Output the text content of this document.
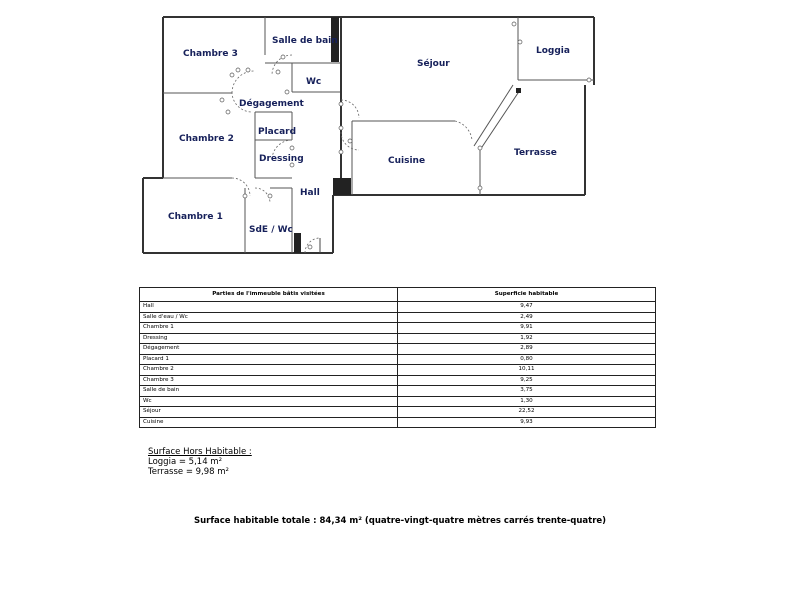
Chambre 3
Salle de bain
Wc
Séjour
Loggia
Dégagement
Placard
Chambre 2
Dressing	Cuisine
Terrasse
Hall
Chambre 1
SdE / Wc
Parties de l'immeuble bâtis visitées	Superficie habitable
Hall	9,47
Salle d'eau / Wc	2,49
Chambre 1	9,91
Dressing	1,92
Dégagement	2,89
Placard 1	0,80
Chambre 2	10,11
Chambre 3	9,25
Salle de bain	3,75
Wc	1,30
Séjour	22,52
Cuisine	9,93
Surface Hors Habitable :
Loggia = 5,14 m²
Terrasse = 9,98 m²
Surface habitable totale : 84,34 m² (quatre-vingt-quatre mètres carrés trente-quatre)
